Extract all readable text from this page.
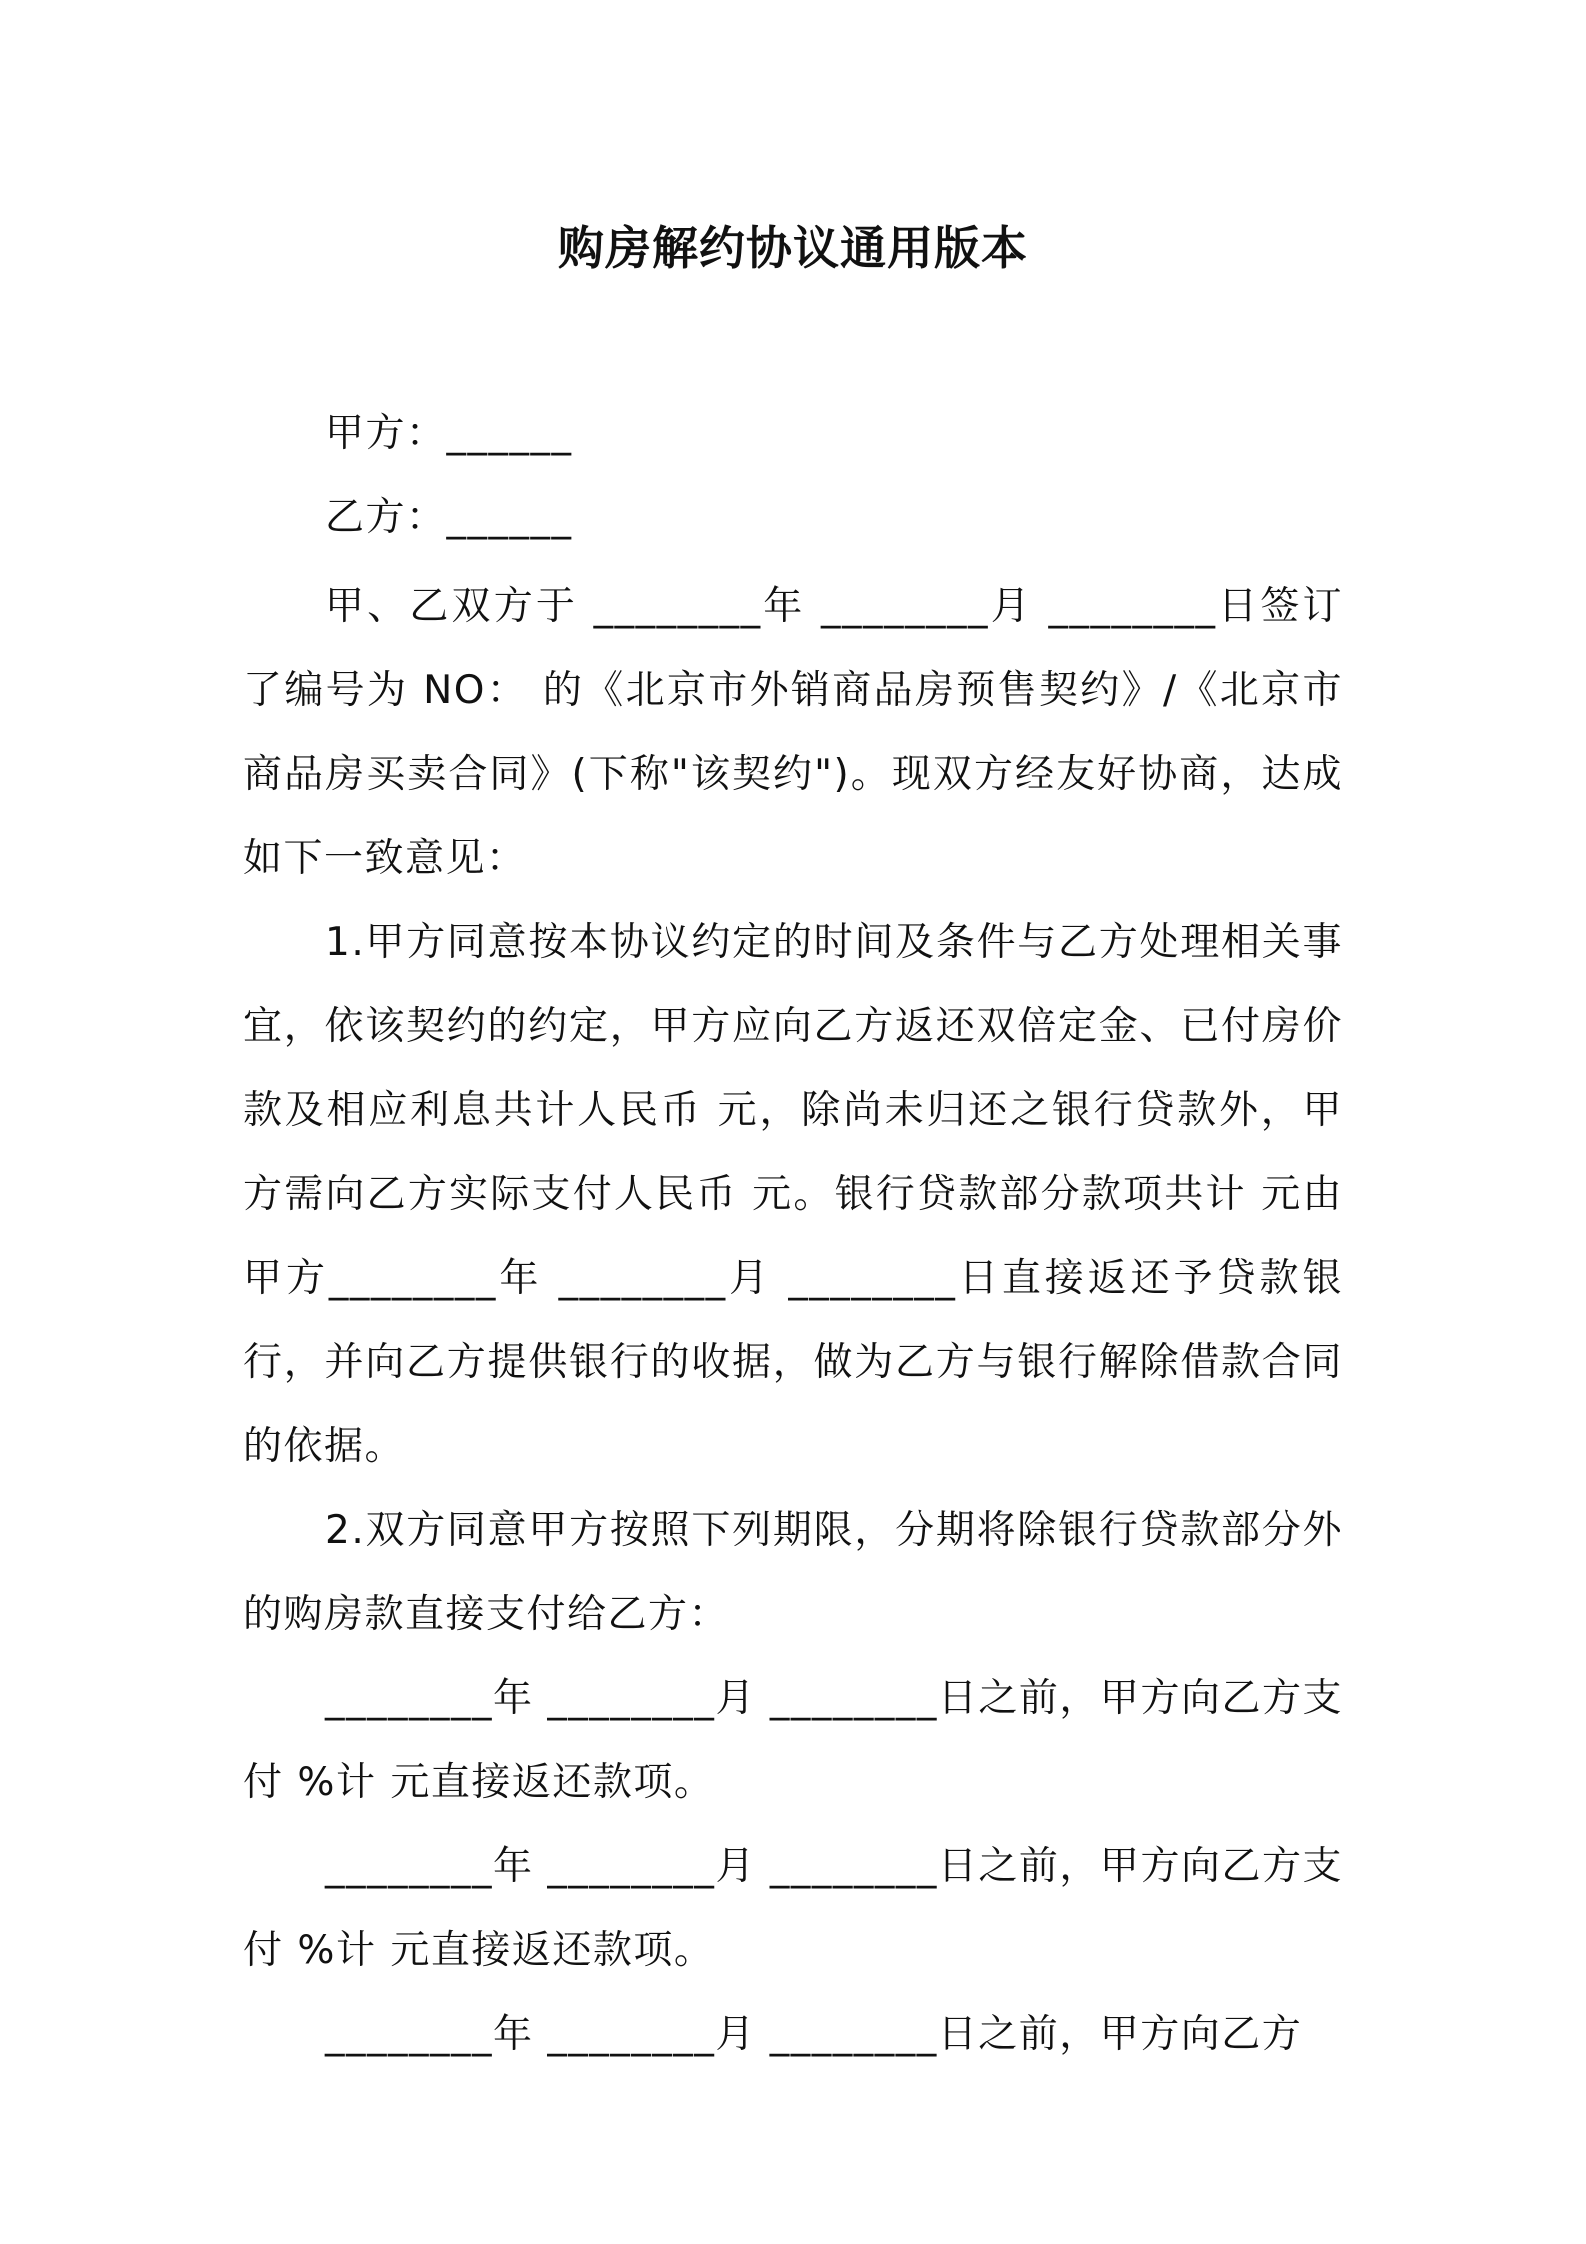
购房解约协议通用版本
甲方：______
乙方：______

甲、乙双方于 ________年 ________月 ________日签订了编号为 NO： 的《北京市外销商品房预售契约》/《北京市商品房买卖合同》(下称"该契约")。现双方经友好协商，达成如下一致意见：

1.甲方同意按本协议约定的时间及条件与乙方处理相关事宜，依该契约的约定，甲方应向乙方返还双倍定金、已付房价款及相应利息共计人民币 元，除尚未归还之银行贷款外，甲方需向乙方实际支付人民币 元。银行贷款部分款项共计 元由甲方________年 ________月 ________日直接返还予贷款银行，并向乙方提供银行的收据，做为乙方与银行解除借款合同的依据。

2.双方同意甲方按照下列期限，分期将除银行贷款部分外的购房款直接支付给乙方：

________年 ________月 ________日之前，甲方向乙方支付 %计 元直接返还款项。

________年 ________月 ________日之前，甲方向乙方支付 %计 元直接返还款项。

________年 ________月 ________日之前，甲方向乙方
